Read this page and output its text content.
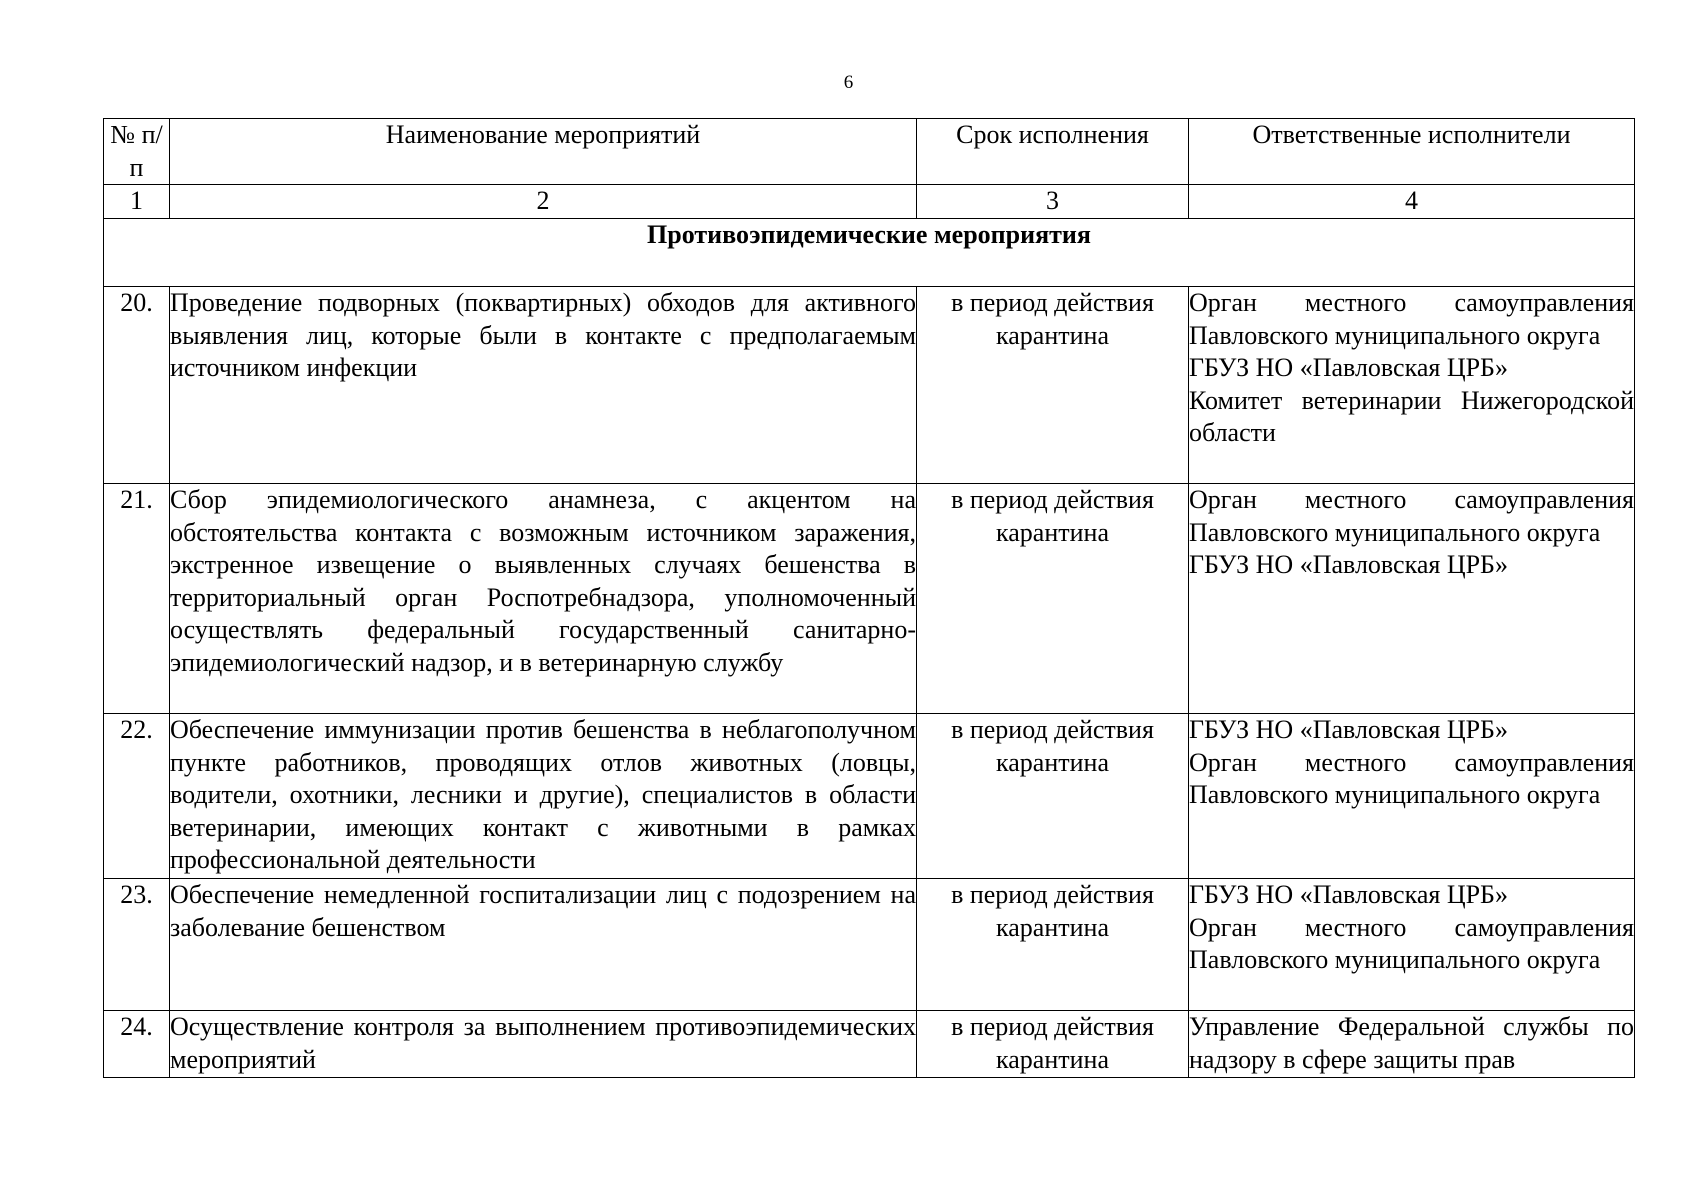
6
№ п/п	Наименование мероприятий	Срок исполнения	Ответственные исполнители
1	2	3	4
Противоэпидемические мероприятия			
20.	Проведение подворных (поквартирных) обходов для активного выявления лиц, которые были в контакте с предполагаемым источником инфекции	в период действия карантина	Орган местного самоуправления Павловского муниципального округа
ГБУЗ НО «Павловская ЦРБ»
Комитет ветеринарии Нижегородской области

21.	Сбор эпидемиологического анамнеза, с акцентом на обстоятельства контакта с возможным источником заражения, экстренное извещение о выявленных случаях бешенства в территориальный орган Роспотребнадзора, уполномоченный осуществлять федеральный государственный санитарно-эпидемиологический надзор, и в ветеринарную службу	в период действия карантина	Орган местного самоуправления Павловского муниципального округа
ГБУЗ НО «Павловская ЦРБ»

22.	Обеспечение иммунизации против бешенства в неблагополучном пункте работников, проводящих отлов животных (ловцы, водители, охотники, лесники и другие), специалистов в области ветеринарии, имеющих контакт с животными в рамках профессиональной деятельности	в период действия карантина	ГБУЗ НО «Павловская ЦРБ»
Орган местного самоуправления Павловского муниципального округа

23.	Обеспечение немедленной госпитализации лиц с подозрением на заболевание бешенством	в период действия карантина	ГБУЗ НО «Павловская ЦРБ»
Орган местного самоуправления Павловского муниципального округа

24.	Осуществление контроля за выполнением противоэпидемических мероприятий	в период действия карантина	Управление Федеральной службы по надзору в сфере защиты прав
